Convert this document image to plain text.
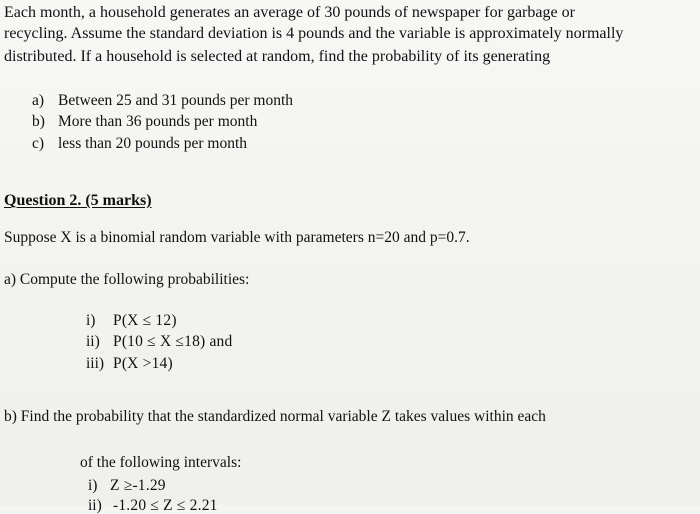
Each month, a household generates an average of 30 pounds of newspaper for garbage or
recycling. Assume the standard deviation is 4 pounds and the variable is approximately normally
distributed. If a household is selected at random, find the probability of its generating
a) Between 25 and 31 pounds per month
b) More than 36 pounds per month
c) less than 20 pounds per month
Question 2. (5 marks)
Suppose X is a binomial random variable with parameters n=20 and p=0.7.
a) Compute the following probabilities:
i) P(X ≤ 12)
ii) P(10 ≤ X ≤18) and
iii) P(X >14)
b) Find the probability that the standardized normal variable Z takes values within each
of the following intervals:
i) Z ≥-1.29
ii) -1.20 ≤ Z ≤ 2.21
